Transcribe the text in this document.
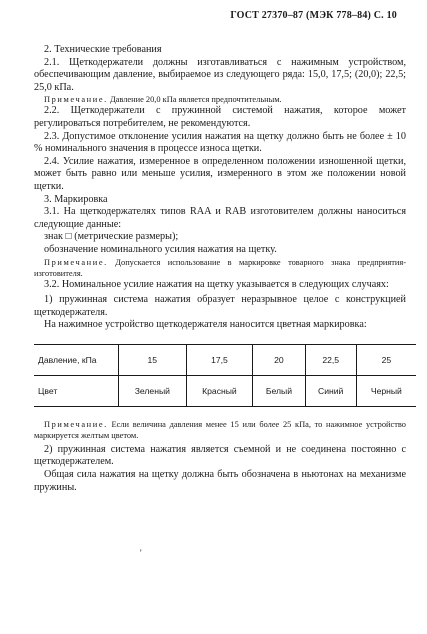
ГОСТ 27370–87 (МЭК 778–84) С. 10

2. Технические требования

2.1. Щеткодержатели должны изготавливаться с нажимным устройством, обеспечивающим давление, выбираемое из следующего ряда: 15,0, 17,5; (20,0); 22,5; 25,0 кПа.

Примечание. Давление 20,0 кПа является предпочтительным.

2.2. Щеткодержатели с пружинной системой нажатия, которое может регулироваться потребителем, не рекомендуются.

2.3. Допустимое отклонение усилия нажатия на щетку должно быть не более ± 10 % номинального значения в процессе износа щетки.

2.4. Усилие нажатия, измеренное в определенном положении изношенной щетки, может быть равно или меньше усилия, измеренного в этом же положении новой щетки.

3. Маркировка

3.1. На щеткодержателях типов RAA и RAB изготовителем должны наноситься следующие данные:

знак □ (метрические размеры);

обозначение номинального усилия нажатия на щетку.

Примечание. Допускается использование в маркировке товарного знака предприятия-изготовителя.

3.2. Номинальное усилие нажатия на щетку указывается в следующих случаях:

1) пружинная система нажатия образует неразрывное целое с конструкцией щеткодержателя.

На нажимное устройство щеткодержателя наносится цветная маркировка:

Давление, кПа	15	17,5	20	22,5	25
Цвет	Зеленый	Красный	Белый	Синий	Черный

Примечание. Если величина давления менее 15 или более 25 кПа, то нажимное устройство маркируется желтым цветом.

2) пружинная система нажатия является съемной и не соединена постоянно с щеткодержателем.

Общая сила нажатия на щетку должна быть обозначена в ньютонах на механизме пружины.

'
